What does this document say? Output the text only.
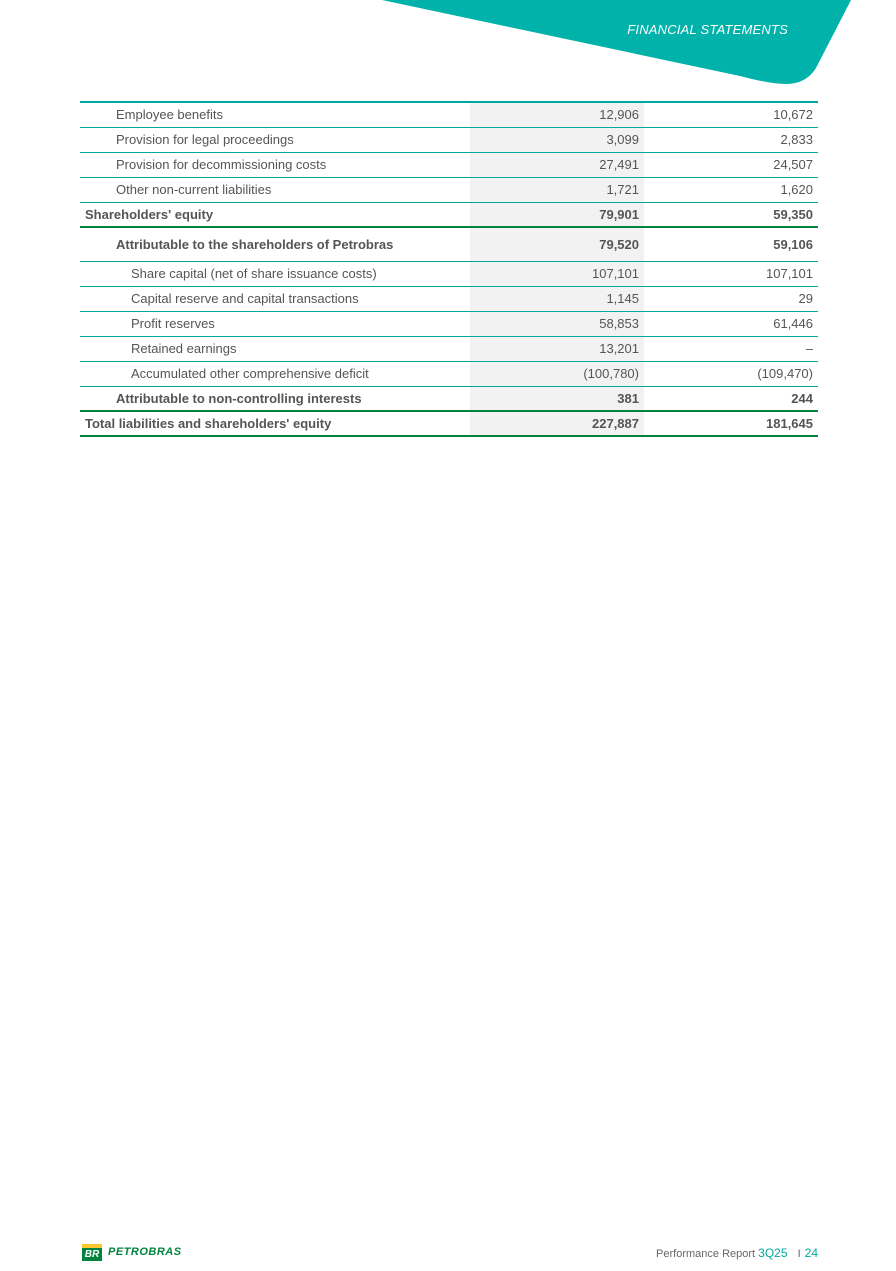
FINANCIAL STATEMENTS
Employee benefits	12,906	10,672
Provision for legal proceedings	3,099	2,833
Provision for decommissioning costs	27,491	24,507
Other non-current liabilities	1,721	1,620
Shareholders' equity	79,901	59,350
Attributable to the shareholders of Petrobras	79,520	59,106
Share capital (net of share issuance costs)	107,101	107,101
Capital reserve and capital transactions	1,145	29
Profit reserves	58,853	61,446
Retained earnings	13,201	–
Accumulated other comprehensive deficit	(100,780)	(109,470)
Attributable to non-controlling interests	381	244
Total liabilities and shareholders' equity	227,887	181,645
BR PETROBRAS	Performance Report 3Q25 I 24
